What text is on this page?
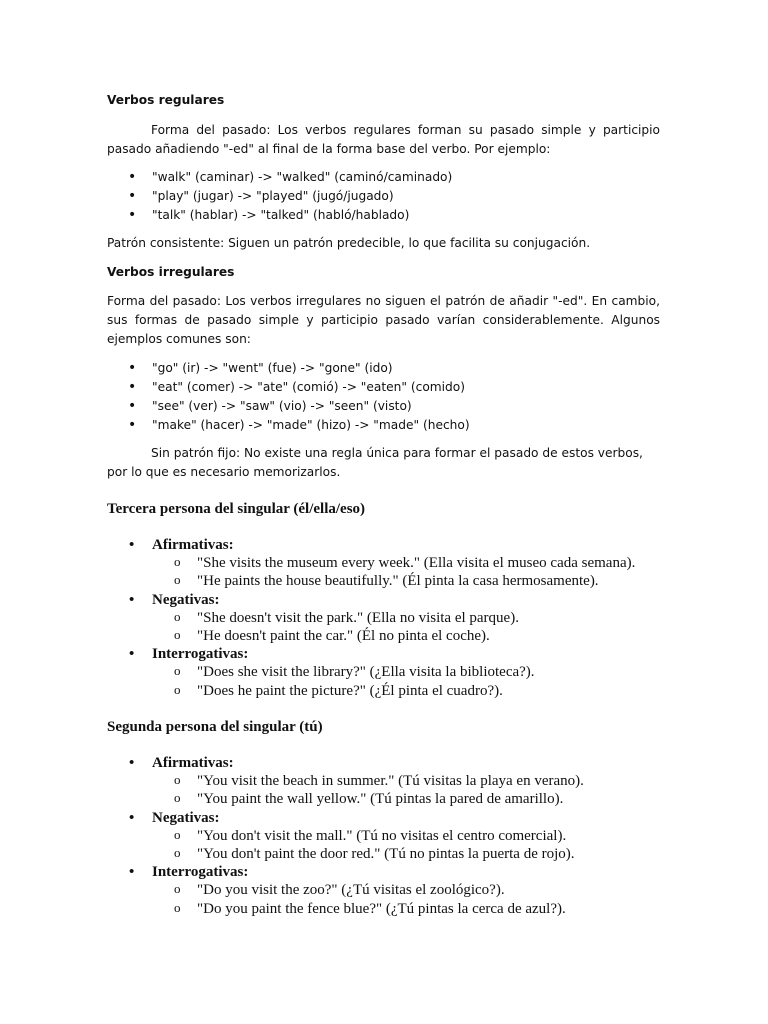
Verbos regulares

Forma del pasado: Los verbos regulares forman su pasado simple y participio pasado añadiendo "-ed" al final de la forma base del verbo. Por ejemplo:

• "walk" (caminar) -> "walked" (caminó/caminado)
• "play" (jugar) -> "played" (jugó/jugado)
• "talk" (hablar) -> "talked" (habló/hablado)

Patrón consistente: Siguen un patrón predecible, lo que facilita su conjugación.

Verbos irregulares

Forma del pasado: Los verbos irregulares no siguen el patrón de añadir "-ed". En cambio, sus formas de pasado simple y participio pasado varían considerablemente. Algunos ejemplos comunes son:

• "go" (ir) -> "went" (fue) -> "gone" (ido)
• "eat" (comer) -> "ate" (comió) -> "eaten" (comido)
• "see" (ver) -> "saw" (vio) -> "seen" (visto)
• "make" (hacer) -> "made" (hizo) -> "made" (hecho)

Sin patrón fijo: No existe una regla única para formar el pasado de estos verbos, por lo que es necesario memorizarlos.

Tercera persona del singular (él/ella/eso)

• Afirmativas:
o "She visits the museum every week." (Ella visita el museo cada semana).
o "He paints the house beautifully." (Él pinta la casa hermosamente).
• Negativas:
o "She doesn't visit the park." (Ella no visita el parque).
o "He doesn't paint the car." (Él no pinta el coche).
• Interrogativas:
o "Does she visit the library?" (¿Ella visita la biblioteca?).
o "Does he paint the picture?" (¿Él pinta el cuadro?).

Segunda persona del singular (tú)

• Afirmativas:
o "You visit the beach in summer." (Tú visitas la playa en verano).
o "You paint the wall yellow." (Tú pintas la pared de amarillo).
• Negativas:
o "You don't visit the mall." (Tú no visitas el centro comercial).
o "You don't paint the door red." (Tú no pintas la puerta de rojo).
• Interrogativas:
o "Do you visit the zoo?" (¿Tú visitas el zoológico?).
o "Do you paint the fence blue?" (¿Tú pintas la cerca de azul?).
